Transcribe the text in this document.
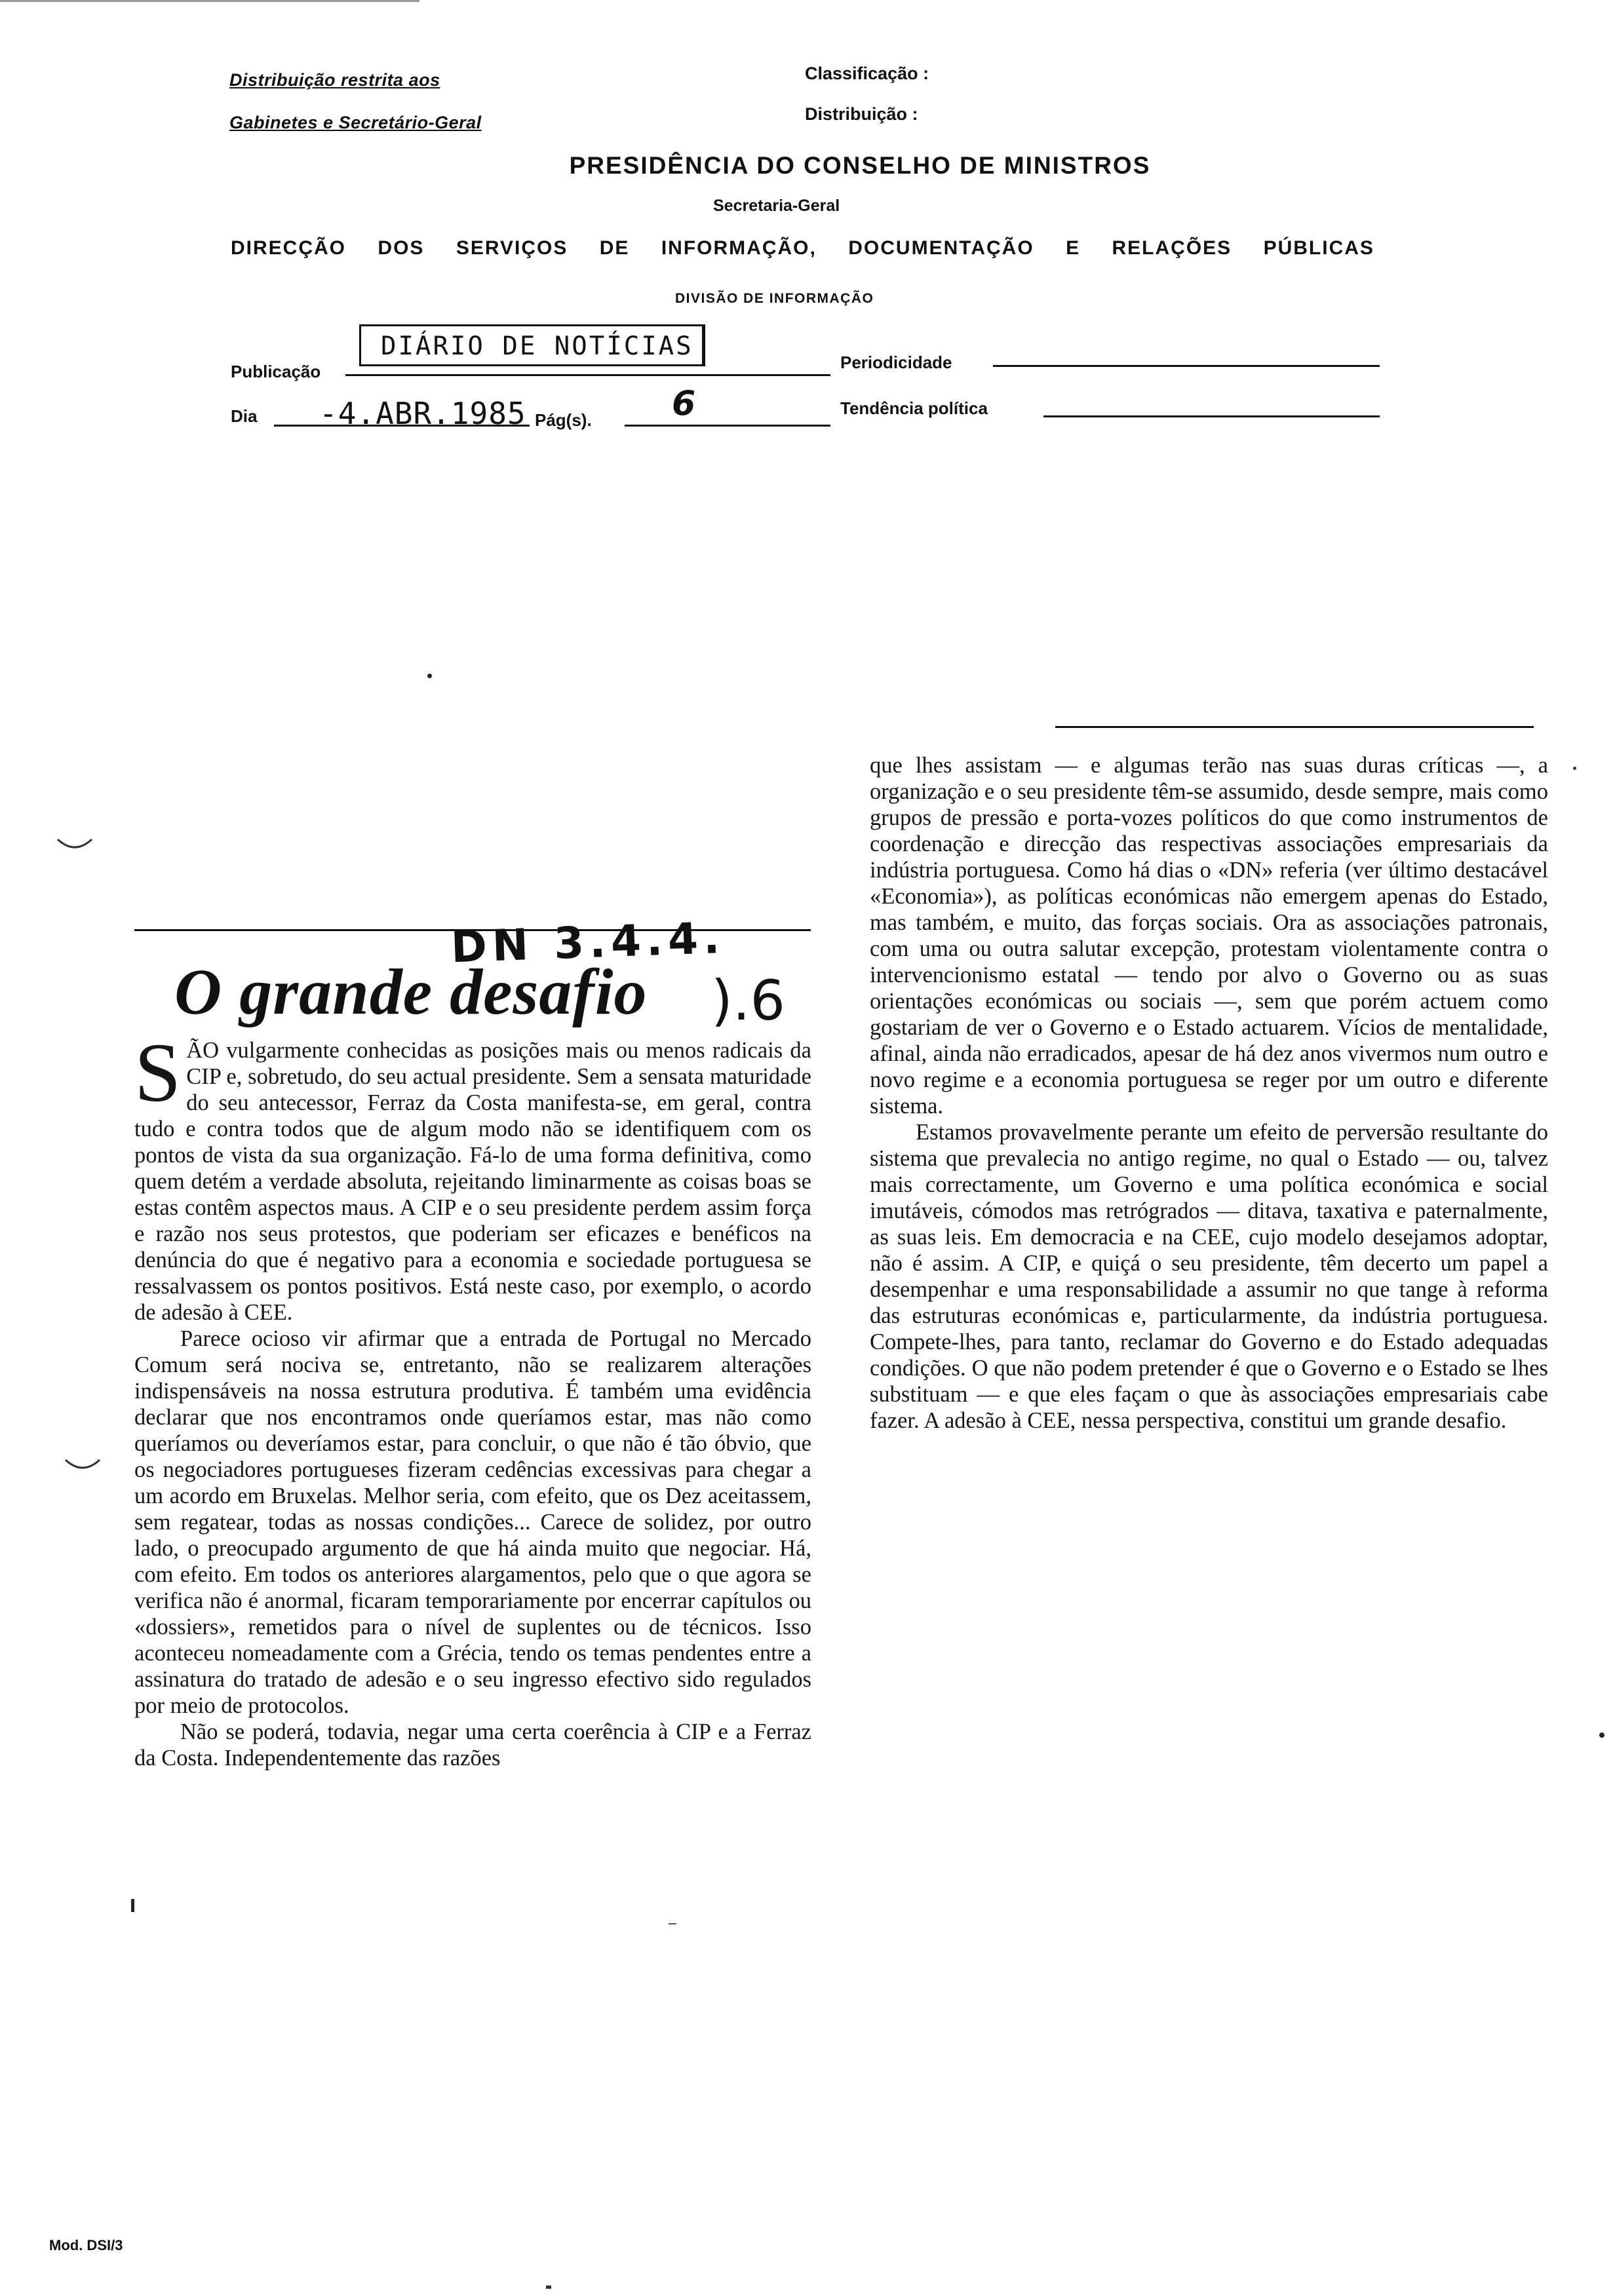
Distribuição restrita aos
Gabinetes e Secretário-Geral
Classificação :
Distribuição :
PRESIDÊNCIA DO CONSELHO DE MINISTROS
Secretaria-Geral
DIRECÇÃO DOS SERVIÇOS DE INFORMAÇÃO, DOCUMENTAÇÃO E RELAÇÕES PÚBLICAS
DIVISÃO DE INFORMAÇÃO
Publicação
DIÁRIO DE NOTÍCIAS
Periodicidade
Dia -4.ABR.1985 Pág(s). 6	Tendência política
O grande desafio
DN 3.4.4.
).6

SÃO vulgarmente conhecidas as posições mais ou menos radicais da CIP e, sobretudo, do seu actual presidente. Sem a sensata maturidade do seu antecessor, Ferraz da Costa manifesta-se, em geral, contra tudo e contra todos que de algum modo não se identifiquem com os pontos de vista da sua organização. Fá-lo de uma forma definitiva, como quem detém a verdade absoluta, rejeitando liminarmente as coisas boas se estas contêm aspectos maus. A CIP e o seu presidente perdem assim força e razão nos seus protestos, que poderiam ser eficazes e benéficos na denúncia do que é negativo para a economia e sociedade portuguesa se ressalvassem os pontos positivos. Está neste caso, por exemplo, o acordo de adesão à CEE.

Parece ocioso vir afirmar que a entrada de Portugal no Mercado Comum será nociva se, entretanto, não se realizarem alterações indispensáveis na nossa estrutura produtiva. É também uma evidência declarar que nos encontramos onde queríamos estar, mas não como queríamos ou deveríamos estar, para concluir, o que não é tão óbvio, que os negociadores portugueses fizeram cedências excessivas para chegar a um acordo em Bruxelas. Melhor seria, com efeito, que os Dez aceitassem, sem regatear, todas as nossas condições... Carece de solidez, por outro lado, o preocupado argumento de que há ainda muito que negociar. Há, com efeito. Em todos os anteriores alargamentos, pelo que o que agora se verifica não é anormal, ficaram temporariamente por encerrar capítulos ou «dossiers», remetidos para o nível de suplentes ou de técnicos. Isso aconteceu nomeadamente com a Grécia, tendo os temas pendentes entre a assinatura do tratado de adesão e o seu ingresso efectivo sido regulados por meio de protocolos.

Não se poderá, todavia, negar uma certa coerência à CIP e a Ferraz da Costa. Independentemente das razões

que lhes assistam — e algumas terão nas suas duras críticas —, a organização e o seu presidente têm-se assumido, desde sempre, mais como grupos de pressão e porta-vozes políticos do que como instrumentos de coordenação e direcção das respectivas associações empresariais da indústria portuguesa. Como há dias o «DN» referia (ver último destacável «Economia»), as políticas económicas não emergem apenas do Estado, mas também, e muito, das forças sociais. Ora as associações patronais, com uma ou outra salutar excepção, protestam violentamente contra o intervencionismo estatal — tendo por alvo o Governo ou as suas orientações económicas ou sociais —, sem que porém actuem como gostariam de ver o Governo e o Estado actuarem. Vícios de mentalidade, afinal, ainda não erradicados, apesar de há dez anos vivermos num outro e novo regime e a economia portuguesa se reger por um outro e diferente sistema.

Estamos provavelmente perante um efeito de perversão resultante do sistema que prevalecia no antigo regime, no qual o Estado — ou, talvez mais correctamente, um Governo e uma política económica e social imutáveis, cómodos mas retrógrados — ditava, taxativa e paternalmente, as suas leis. Em democracia e na CEE, cujo modelo desejamos adoptar, não é assim. A CIP, e quiçá o seu presidente, têm decerto um papel a desempenhar e uma responsabilidade a assumir no que tange à reforma das estruturas económicas e, particularmente, da indústria portuguesa. Compete-lhes, para tanto, reclamar do Governo e do Estado adequadas condições. O que não podem pretender é que o Governo e o Estado se lhes substituam — e que eles façam o que às associações empresariais cabe fazer. A adesão à CEE, nessa perspectiva, constitui um grande desafio.

Mod. DSI/3
